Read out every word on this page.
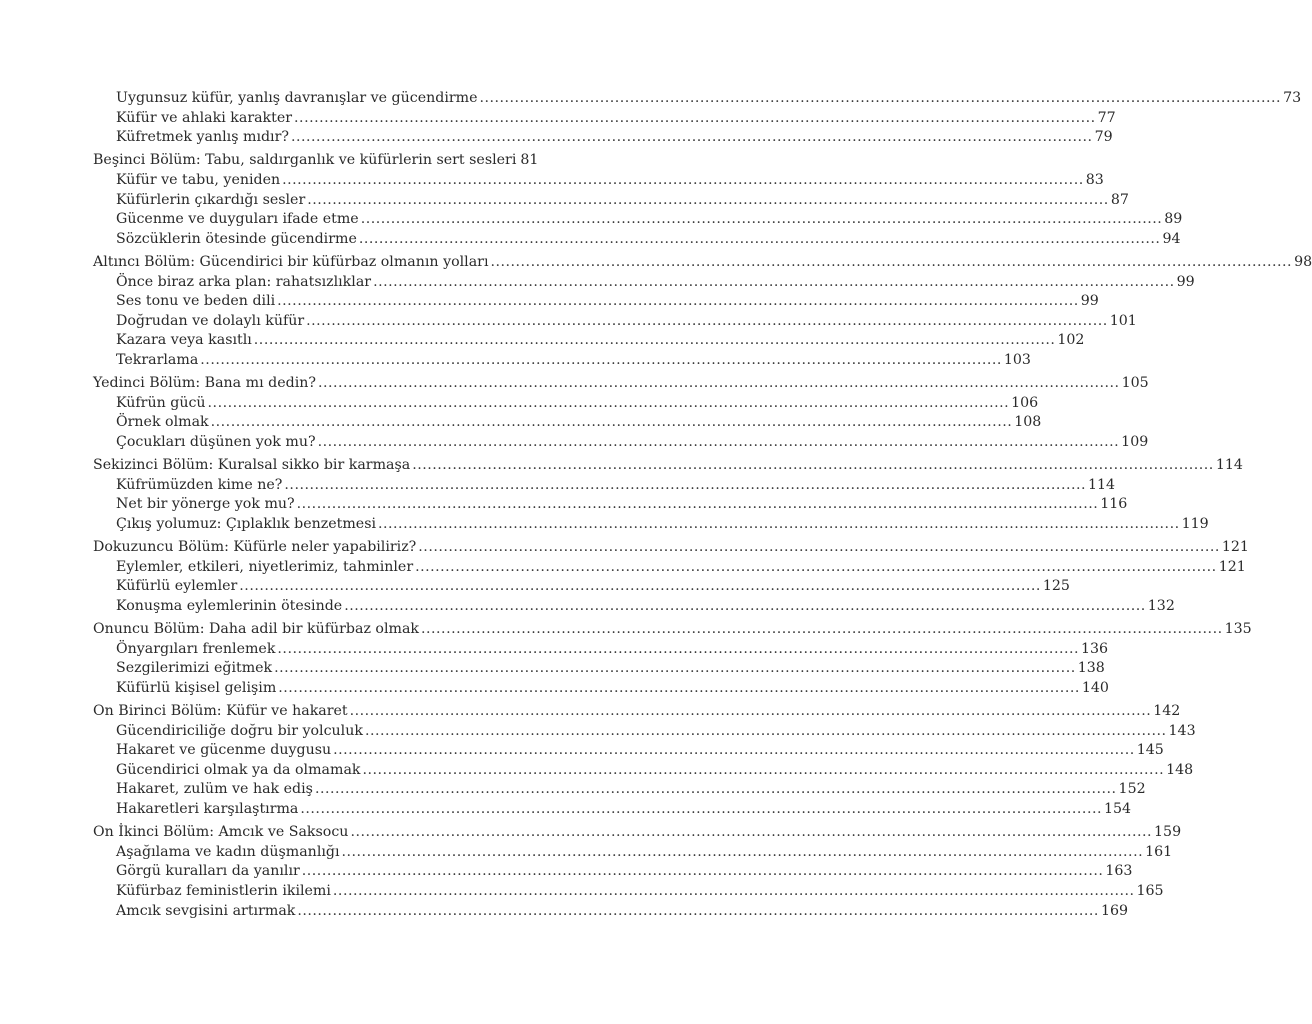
Uygunsuz küfür, yanlış davranışlar ve gücendirme .....	73
Küfür ve ahlaki karakter .....	77
Küfretmek yanlış mıdır? .....	79
Beşinci Bölüm: Tabu, saldırganlık ve küfürlerin sert sesleri 81
Küfür ve tabu, yeniden .....	83
Küfürlerin çıkardığı sesler .....	87
Gücenme ve duyguları ifade etme .....	89
Sözcüklerin ötesinde gücendirme .....	94
Altıncı Bölüm: Gücendirici bir küfürbaz olmanın yolları .....	98
Önce biraz arka plan: rahatsızlıklar .....	99
Ses tonu ve beden dili .....	99
Doğrudan ve dolaylı küfür .....	101
Kazara veya kasıtlı .....	102
Tekrarlama .....	103
Yedinci Bölüm: Bana mı dedin? .....	105
Küfrün gücü .....	106
Örnek olmak .....	108
Çocukları düşünen yok mu? .....	109
Sekizinci Bölüm: Kuralsal sikko bir karmaşa .....	114
Küfrümüzden kime ne? .....	114
Net bir yönerge yok mu? .....	116
Çıkış yolumuz: Çıplaklık benzetmesi .....	119
Dokuzuncu Bölüm: Küfürle neler yapabiliriz? .....	121
Eylemler, etkileri, niyetlerimiz, tahminler .....	121
Küfürlü eylemler .....	125
Konuşma eylemlerinin ötesinde .....	132
Onuncu Bölüm: Daha adil bir küfürbaz olmak .....	135
Önyargıları frenlemek .....	136
Sezgilerimizi eğitmek .....	138
Küfürlü kişisel gelişim .....	140
On Birinci Bölüm: Küfür ve hakaret .....	142
Gücendiriciliğe doğru bir yolculuk .....	143
Hakaret ve gücenme duygusu .....	145
Gücendirici olmak ya da olmamak .....	148
Hakaret, zulüm ve hak ediş .....	152
Hakaretleri karşılaştırma .....	154
On İkinci Bölüm: Amcık ve Saksocu .....	159
Aşağılama ve kadın düşmanlığı .....	161
Görgü kuralları da yanılır .....	163
Küfürbaz feministlerin ikilemi .....	165
Amcık sevgisini artırmak .....	169
